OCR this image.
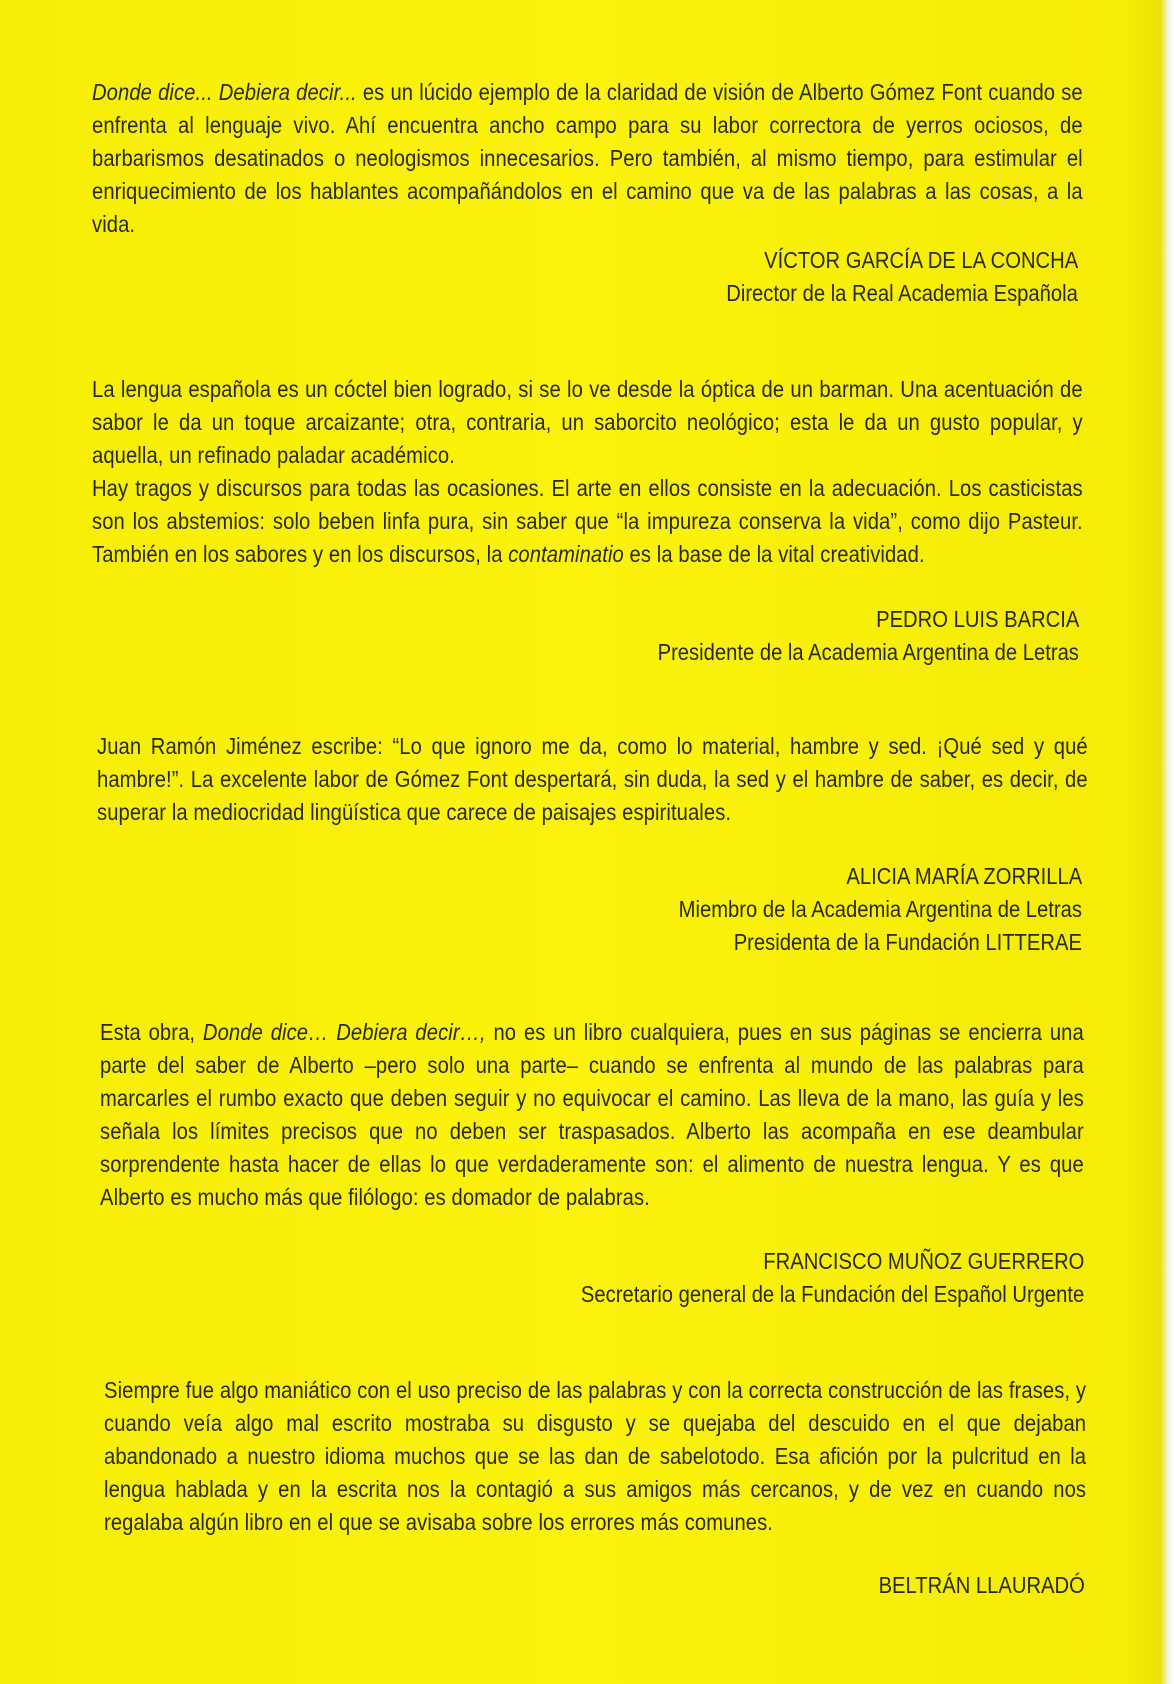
Donde dice... Debiera decir... es un lúcido ejemplo de la claridad de visión de Alberto Gómez Font cuando se enfrenta al lenguaje vivo. Ahí encuentra ancho campo para su labor correctora de yerros ociosos, de barbarismos desatinados o neologismos innecesarios. Pero también, al mismo tiempo, para estimular el enriquecimiento de los hablantes acompañándolos en el camino que va de las palabras a las cosas, a la vida.

VÍCTOR GARCÍA DE LA CONCHA

Director de la Real Academia Española

La lengua española es un cóctel bien logrado, si se lo ve desde la óptica de un barman. Una acentuación de sabor le da un toque arcaizante; otra, contraria, un saborcito neológico; esta le da un gusto popular, y aquella, un refinado paladar académico.

Hay tragos y discursos para todas las ocasiones. El arte en ellos consiste en la adecuación. Los casticistas son los abstemios: solo beben linfa pura, sin saber que “la impureza conserva la vida”, como dijo Pasteur. También en los sabores y en los discursos, la contaminatio es la base de la vital creatividad.

PEDRO LUIS BARCIA

Presidente de la Academia Argentina de Letras

Juan Ramón Jiménez escribe: “Lo que ignoro me da, como lo material, hambre y sed. ¡Qué sed y qué hambre!”. La excelente labor de Gómez Font despertará, sin duda, la sed y el hambre de saber, es decir, de superar la mediocridad lingüística que carece de paisajes espirituales.

ALICIA MARÍA ZORRILLA

Miembro de la Academia Argentina de Letras

Presidenta de la Fundación LITTERAE

Esta obra, Donde dice… Debiera decir…, no es un libro cualquiera, pues en sus páginas se encierra una parte del saber de Alberto –pero solo una parte– cuando se enfrenta al mundo de las palabras para marcarles el rumbo exacto que deben seguir y no equivocar el camino. Las lleva de la mano, las guía y les señala los límites precisos que no deben ser traspasados. Alberto las acompaña en ese deambular sorprendente hasta hacer de ellas lo que verdaderamente son: el alimento de nuestra lengua. Y es que Alberto es mucho más que filólogo: es domador de palabras.

FRANCISCO MUÑOZ GUERRERO

Secretario general de la Fundación del Español Urgente

Siempre fue algo maniático con el uso preciso de las palabras y con la correcta construcción de las frases, y cuando veía algo mal escrito mostraba su disgusto y se quejaba del descuido en el que dejaban abandonado a nuestro idioma muchos que se las dan de sabelotodo. Esa afición por la pulcritud en la lengua hablada y en la escrita nos la contagió a sus amigos más cercanos, y de vez en cuando nos regalaba algún libro en el que se avisaba sobre los errores más comunes.

BELTRÁN LLAURADÓ
